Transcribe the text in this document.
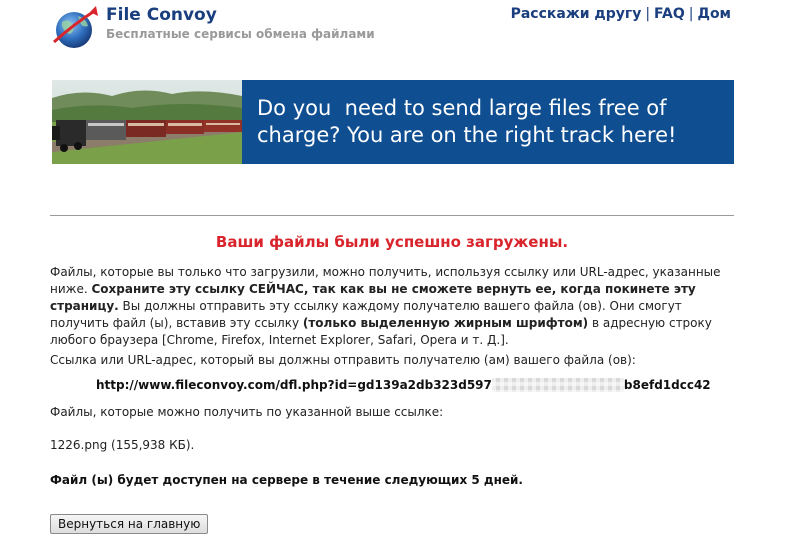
File Convoy
Бесплатные сервисы обмена файлами
Расскажи другу | FAQ | Дом
Do you  need to send large files free of charge? You are on the right track here!
Ваши файлы были успешно загружены.
Файлы, которые вы только что загрузили, можно получить, используя ссылку или URL-адрес, указанные ниже. Сохраните эту ссылку СЕЙЧАС, так как вы не сможете вернуть ее, когда покинете эту страницу. Вы должны отправить эту ссылку каждому получателю вашего файла (ов). Они смогут получить файл (ы), вставив эту ссылку (только выделенную жирным шрифтом) в адресную строку любого браузера [Chrome, Firefox, Internet Explorer, Safari, Opera и т. Д.].
Ссылка или URL-адрес, который вы должны отправить получателю (ам) вашего файла (ов):
http://www.fileconvoy.com/dfl.php?id=gd139a2db323d597	b8efd1dcc42
Файлы, которые можно получить по указанной выше ссылке:
1226.png (155,938 КБ).
Файл (ы) будет доступен на сервере в течение следующих 5 дней.
Вернуться на главную
